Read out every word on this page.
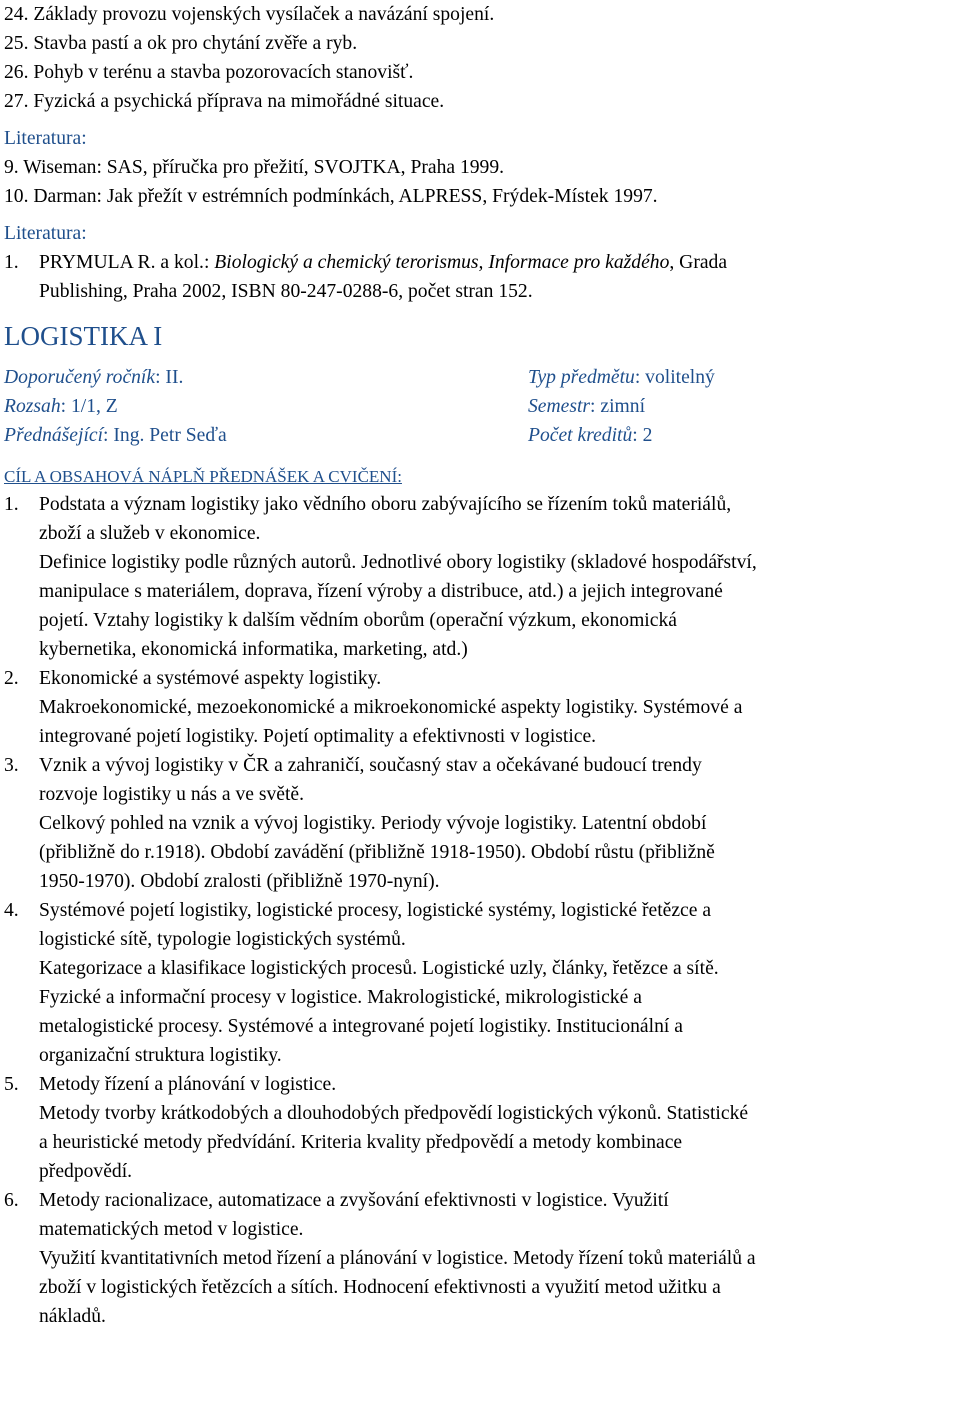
24. Základy provozu vojenských vysílaček a navázání spojení.
25. Stavba pastí a ok pro chytání zvěře a ryb.
26. Pohyb v terénu a stavba pozorovacích stanovišť.
27. Fyzická a psychická příprava na mimořádné situace.
Literatura:
9. Wiseman: SAS, příručka pro přežití, SVOJTKA, Praha 1999.
10. Darman: Jak přežít v estrémních podmínkách, ALPRESS, Frýdek-Místek 1997.
Literatura:
1. PRYMULA R. a kol.: Biologický a chemický terorismus, Informace pro každého, Grada
Publishing, Praha 2002, ISBN 80-247-0288-6, počet stran 152.
LOGISTIKA I
Doporučený ročník: II.	Typ předmětu: volitelný
Rozsah: 1/1, Z	Semestr: zimní
Přednášející: Ing. Petr Seďa	Počet kreditů: 2
CÍL A OBSAHOVÁ NÁPLŇ PŘEDNÁŠEK A CVIČENÍ:
1. Podstata a význam logistiky jako vědního oboru zabývajícího se řízením toků materiálů,
zboží a služeb v ekonomice.
Definice logistiky podle různých autorů. Jednotlivé obory logistiky (skladové hospodářství,
manipulace s materiálem, doprava, řízení výroby a distribuce, atd.) a jejich integrované
pojetí. Vztahy logistiky k dalším vědním oborům (operační výzkum, ekonomická
kybernetika, ekonomická informatika, marketing, atd.)
2. Ekonomické a systémové aspekty logistiky.
Makroekonomické, mezoekonomické a mikroekonomické aspekty logistiky. Systémové a
integrované pojetí logistiky. Pojetí optimality a efektivnosti v logistice.
3. Vznik a vývoj logistiky v ČR a zahraničí, současný stav a očekávané budoucí trendy
rozvoje logistiky u nás a ve světě.
Celkový pohled na vznik a vývoj logistiky. Periody vývoje logistiky. Latentní období
(přibližně do r.1918). Období zavádění (přibližně 1918-1950). Období růstu (přibližně
1950-1970). Období zralosti (přibližně 1970-nyní).
4. Systémové pojetí logistiky, logistické procesy, logistické systémy, logistické řetězce a
logistické sítě, typologie logistických systémů.
Kategorizace a klasifikace logistických procesů. Logistické uzly, články, řetězce a sítě.
Fyzické a informační procesy v logistice. Makrologistické, mikrologistické a
metalogistické procesy. Systémové a integrované pojetí logistiky. Institucionální a
organizační struktura logistiky.
5. Metody řízení a plánování v logistice.
Metody tvorby krátkodobých a dlouhodobých předpovědí logistických výkonů. Statistické
a heuristické metody předvídání. Kriteria kvality předpovědí a metody kombinace
předpovědí.
6. Metody racionalizace, automatizace a zvyšování efektivnosti v logistice. Využití
matematických metod v logistice.
Využití kvantitativních metod řízení a plánování v logistice. Metody řízení toků materiálů a
zboží v logistických řetězcích a sítích. Hodnocení efektivnosti a využití metod užitku a
nákladů.
